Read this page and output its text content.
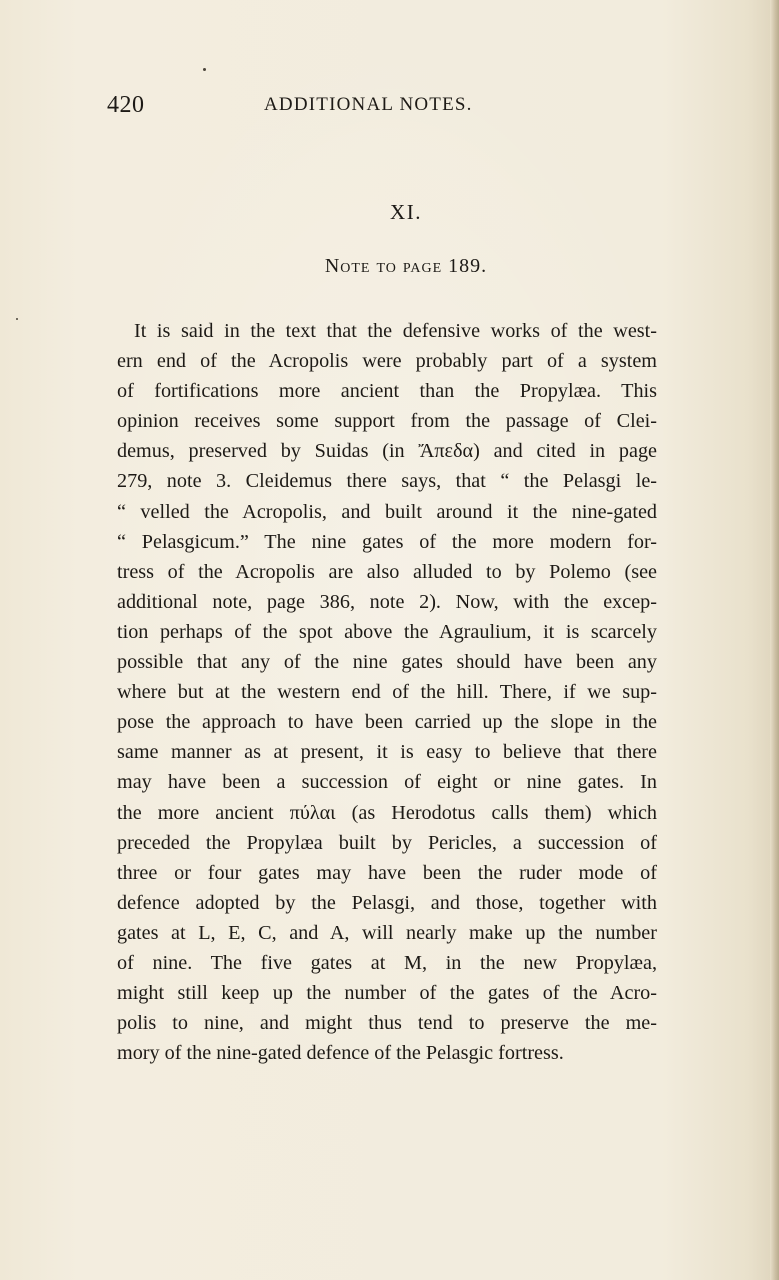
420	ADDITIONAL NOTES.
XI.
Note to page 189.
It is said in the text that the defensive works of the west-
ern end of the Acropolis were probably part of a system
of fortifications more ancient than the Propylæa. This
opinion receives some support from the passage of Clei-
demus, preserved by Suidas (in Ἄπεδα) and cited in page
279, note 3. Cleidemus there says, that “ the Pelasgi le-
“ velled the Acropolis, and built around it the nine-gated
“ Pelasgicum.” The nine gates of the more modern for-
tress of the Acropolis are also alluded to by Polemo (see
additional note, page 386, note 2). Now, with the excep-
tion perhaps of the spot above the Agraulium, it is scarcely
possible that any of the nine gates should have been any
where but at the western end of the hill. There, if we sup-
pose the approach to have been carried up the slope in the
same manner as at present, it is easy to believe that there
may have been a succession of eight or nine gates. In
the more ancient πύλαι (as Herodotus calls them) which
preceded the Propylæa built by Pericles, a succession of
three or four gates may have been the ruder mode of
defence adopted by the Pelasgi, and those, together with
gates at L, E, C, and A, will nearly make up the number
of nine. The five gates at M, in the new Propylæa,
might still keep up the number of the gates of the Acro-
polis to nine, and might thus tend to preserve the me-
mory of the nine-gated defence of the Pelasgic fortress.
